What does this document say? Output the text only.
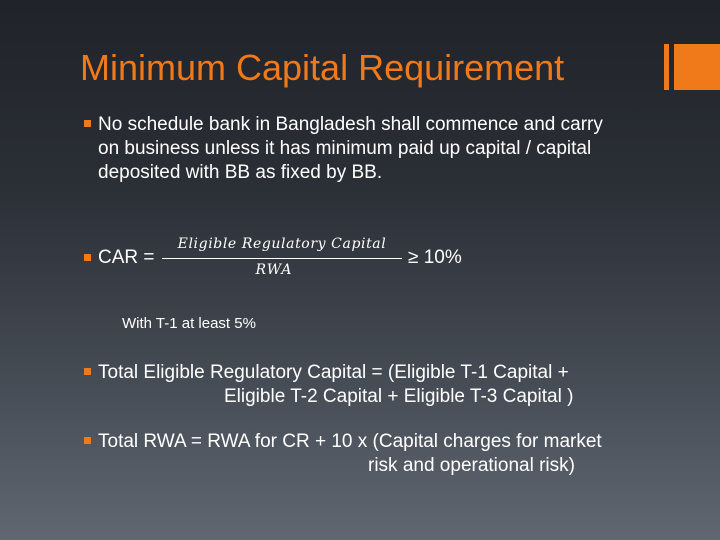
Minimum Capital Requirement
No schedule bank in Bangladesh shall commence and carry
on business unless it has minimum paid up capital / capital
deposited with BB as fixed by BB.
CAR =
Eligible Regulatory Capital
RWA
≥ 10%
With T-1 at least 5%
Total Eligible Regulatory Capital = (Eligible T-1 Capital +
Eligible T-2 Capital + Eligible T-3 Capital )
Total RWA = RWA for CR + 10 x (Capital charges for market
risk and operational risk)
